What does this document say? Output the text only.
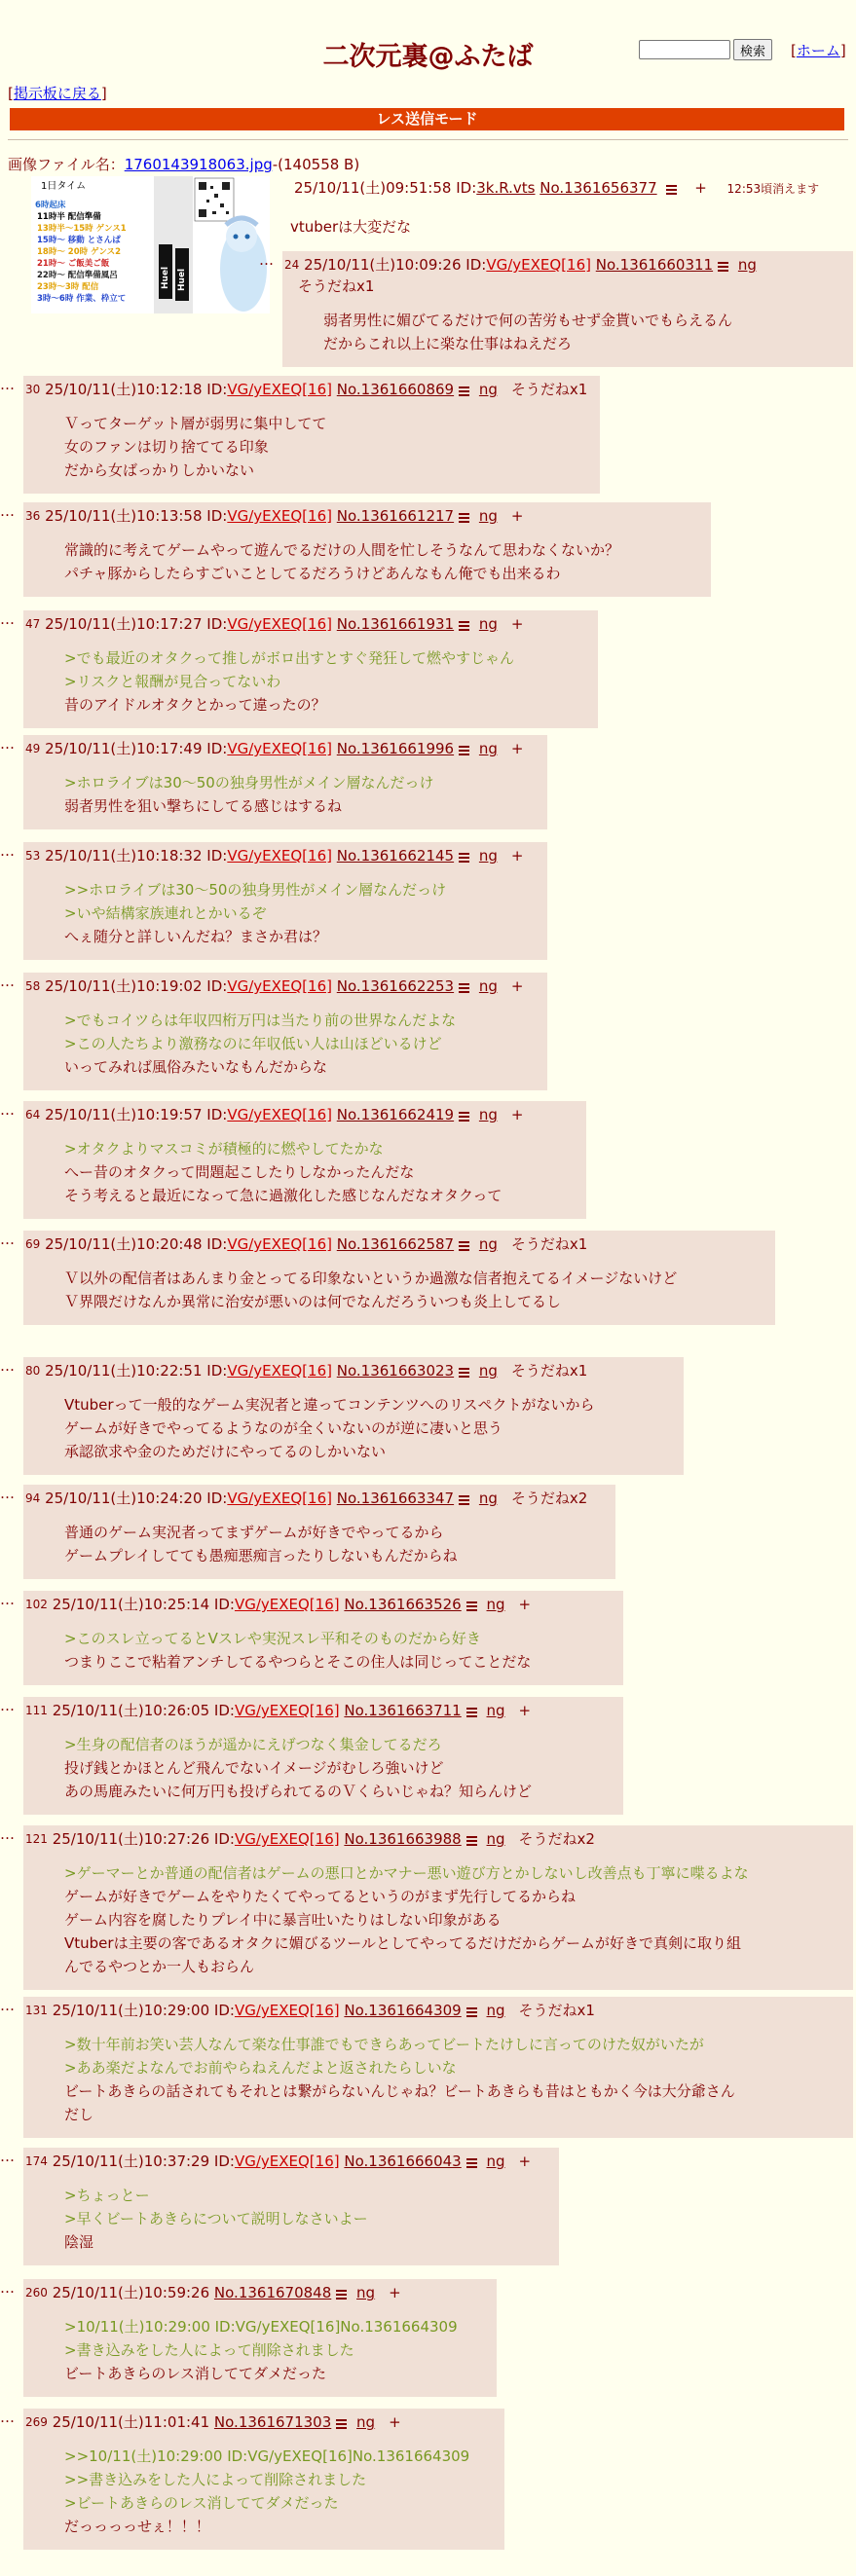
二次元裏@ふたば	検索	[ホーム]
[掲示板に戻る]
レス送信モード
画像ファイル名：1760143918063.jpg-(140558 B)
1日タイム
6時起床
11時半 配信準備
13時半〜15時 ゲンス1
15時〜 移動 とさんぱ
18時〜 20時 ゲンス2
21時〜 ご飯美ご飯
22時〜 配信準備風呂
23時〜3時 配信
3時〜6時 作業、枠立て
Huel Huel
25/10/11(土)09:51:58 ID:3k.R.vts No.1361656377	+ 12:53頃消えます
vtuberは大変だな
… $^{24}$ 25/10/11(土)10:09:26 ID:VG/yEXEQ[16] No.1361660311 ng
そうだねx1
弱者男性に媚びてるだけで何の苦労もせず金貰いでもらえるん
だからこれ以上に楽な仕事はねえだろ
… $^{30}$ 25/10/11(土)10:12:18 ID:VG/yEXEQ[16] No.1361660869 ng そうだねx1
Ｖってターゲット層が弱男に集中してて
女のファンは切り捨ててる印象
だから女ばっかりしかいない
… $^{36}$ 25/10/11(土)10:13:58 ID:VG/yEXEQ[16] No.1361661217 ng +
常識的に考えてゲームやって遊んでるだけの人間を忙しそうなんて思わなくないか？
パチャ豚からしたらすごいことしてるだろうけどあんなもん俺でも出来るわ
… $^{47}$ 25/10/11(土)10:17:27 ID:VG/yEXEQ[16] No.1361661931 ng +
>でも最近のオタクって推しがボロ出すとすぐ発狂して燃やすじゃん
>リスクと報酬が見合ってないわ
昔のアイドルオタクとかって違ったの？
… $^{49}$ 25/10/11(土)10:17:49 ID:VG/yEXEQ[16] No.1361661996 ng +
>ホロライブは30〜50の独身男性がメイン層なんだっけ
弱者男性を狙い撃ちにしてる感じはするね
… $^{53}$ 25/10/11(土)10:18:32 ID:VG/yEXEQ[16] No.1361662145 ng +
>>ホロライブは30〜50の独身男性がメイン層なんだっけ
>いや結構家族連れとかいるぞ
へぇ随分と詳しいんだね？まさか君は？
… $^{58}$ 25/10/11(土)10:19:02 ID:VG/yEXEQ[16] No.1361662253 ng +
>でもコイツらは年収四桁万円は当たり前の世界なんだよな
>この人たちより激務なのに年収低い人は山ほどいるけど
いってみれば風俗みたいなもんだからな
… $^{64}$ 25/10/11(土)10:19:57 ID:VG/yEXEQ[16] No.1361662419 ng +
>オタクよりマスコミが積極的に燃やしてたかな
へー昔のオタクって問題起こしたりしなかったんだな
そう考えると最近になって急に過激化した感じなんだなオタクって
… $^{69}$ 25/10/11(土)10:20:48 ID:VG/yEXEQ[16] No.1361662587 ng そうだねx1
Ｖ以外の配信者はあんまり金とってる印象ないというか過激な信者抱えてるイメージないけど
Ｖ界隈だけなんか異常に治安が悪いのは何でなんだろういつも炎上してるし
… $^{80}$ 25/10/11(土)10:22:51 ID:VG/yEXEQ[16] No.1361663023 ng そうだねx1
Vtuberって一般的なゲーム実況者と違ってコンテンツへのリスペクトがないから
ゲームが好きでやってるようなのが全くいないのが逆に凄いと思う
承認欲求や金のためだけにやってるのしかいない
… $^{94}$ 25/10/11(土)10:24:20 ID:VG/yEXEQ[16] No.1361663347 ng そうだねx2
普通のゲーム実況者ってまずゲームが好きでやってるから
ゲームプレイしてても愚痴悪痴言ったりしないもんだからね
… $^{102}$ 25/10/11(土)10:25:14 ID:VG/yEXEQ[16] No.1361663526 ng +
>このスレ立ってるとVスレや実況スレ平和そのものだから好き
つまりここで粘着アンチしてるやつらとそこの住人は同じってことだな
… $^{111}$ 25/10/11(土)10:26:05 ID:VG/yEXEQ[16] No.1361663711 ng +
>生身の配信者のほうが遥かにえげつなく集金してるだろ
投げ銭とかほとんど飛んでないイメージがむしろ強いけど
あの馬鹿みたいに何万円も投げられてるのＶくらいじゃね？知らんけど
… $^{121}$ 25/10/11(土)10:27:26 ID:VG/yEXEQ[16] No.1361663988 ng そうだねx2
>ゲーマーとか普通の配信者はゲームの悪口とかマナー悪い遊び方とかしないし改善点も丁寧に喋るよな
ゲームが好きでゲームをやりたくてやってるというのがまず先行してるからね
ゲーム内容を腐したりプレイ中に暴言吐いたりはしない印象がある
Vtuberは主要の客であるオタクに媚びるツールとしてやってるだけだからゲームが好きで真剣に取り組
んでるやつとか一人もおらん
… $^{131}$ 25/10/11(土)10:29:00 ID:VG/yEXEQ[16] No.1361664309 ng そうだねx1
>数十年前お笑い芸人なんて楽な仕事誰でもできらあってビートたけしに言ってのけた奴がいたが
>ああ楽だよなんでお前やらねえんだよと返されたらしいな
ビートあきらの話されてもそれとは繋がらないんじゃね？ビートあきらも昔はともかく今は大分爺さん
だし
… $^{174}$ 25/10/11(土)10:37:29 ID:VG/yEXEQ[16] No.1361666043 ng +
>ちょっとー
>早くビートあきらについて説明しなさいよー
陰湿
… $^{260}$ 25/10/11(土)10:59:26 No.1361670848 ng +
>10/11(土)10:29:00 ID:VG/yEXEQ[16]No.1361664309
>書き込みをした人によって削除されました
ビートあきらのレス消しててダメだった
… $^{269}$ 25/10/11(土)11:01:41 No.1361671303 ng +
>>10/11(土)10:29:00 ID:VG/yEXEQ[16]No.1361664309
>>書き込みをした人によって削除されました
>ビートあきらのレス消しててダメだった
だっっっっせぇ！！！
